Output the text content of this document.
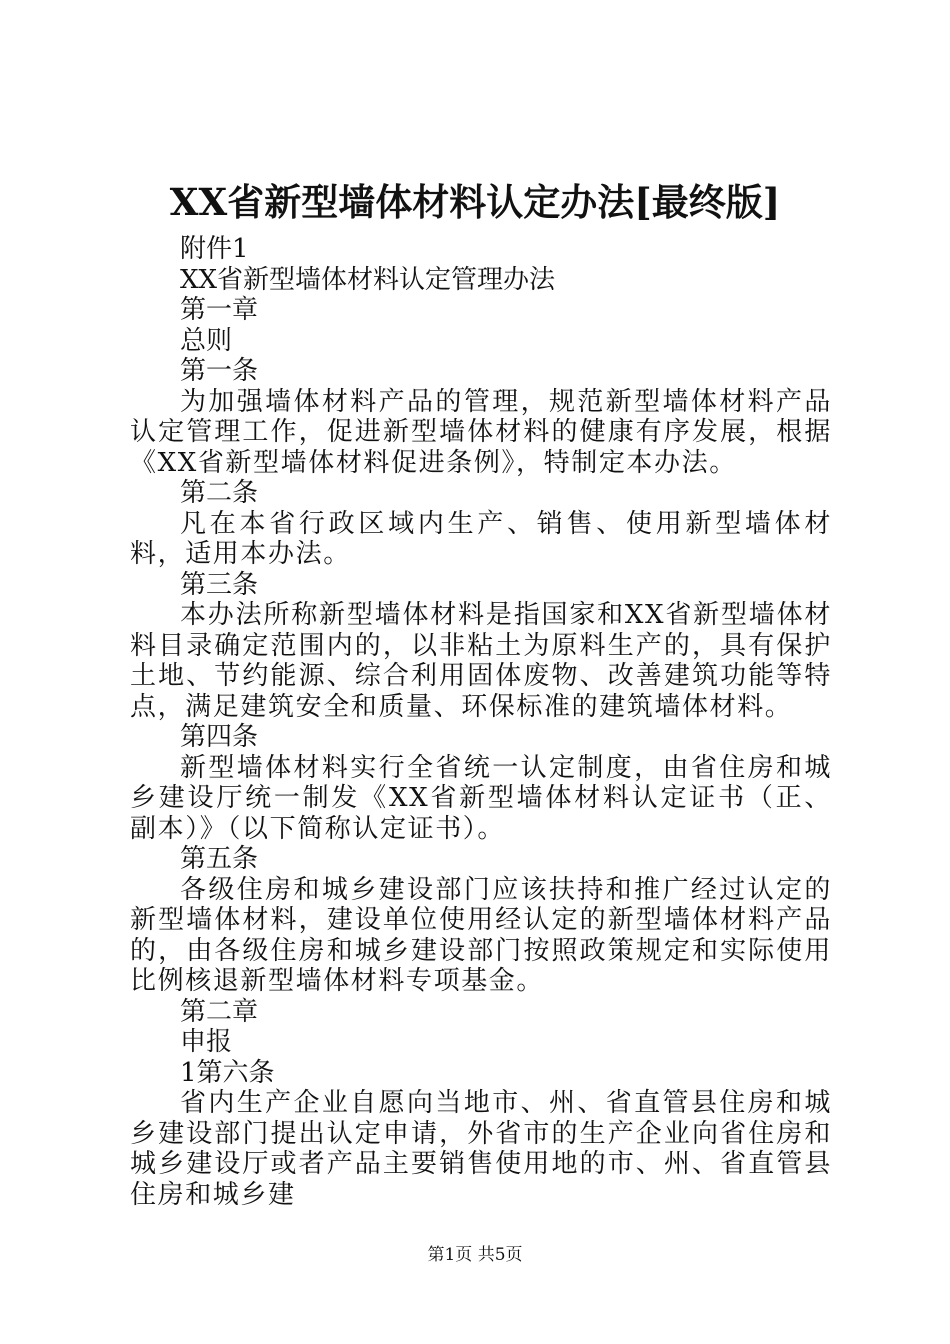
XX省新型墙体材料认定办法[最终版]

附件1

XX省新型墙体材料认定管理办法

第一章

总则

第一条

为加强墙体材料产品的管理，规范新型墙体材料产品认定管理工作，促进新型墙体材料的健康有序发展，根据《XX省新型墙体材料促进条例》，特制定本办法。

第二条

凡在本省行政区域内生产、销售、使用新型墙体材料，适用本办法。

第三条

本办法所称新型墙体材料是指国家和XX省新型墙体材料目录确定范围内的，以非粘土为原料生产的，具有保护土地、节约能源、综合利用固体废物、改善建筑功能等特点，满足建筑安全和质量、环保标准的建筑墙体材料。

第四条

新型墙体材料实行全省统一认定制度，由省住房和城乡建设厅统一制发《XX省新型墙体材料认定证书（正、副本）》（以下简称认定证书）。

第五条

各级住房和城乡建设部门应该扶持和推广经过认定的新型墙体材料，建设单位使用经认定的新型墙体材料产品的，由各级住房和城乡建设部门按照政策规定和实际使用比例核退新型墙体材料专项基金。

第二章

申报

1第六条

省内生产企业自愿向当地市、州、省直管县住房和城乡建设部门提出认定申请，外省市的生产企业向省住房和城乡建设厅或者产品主要销售使用地的市、州、省直管县住房和城乡建

第1页 共5页
